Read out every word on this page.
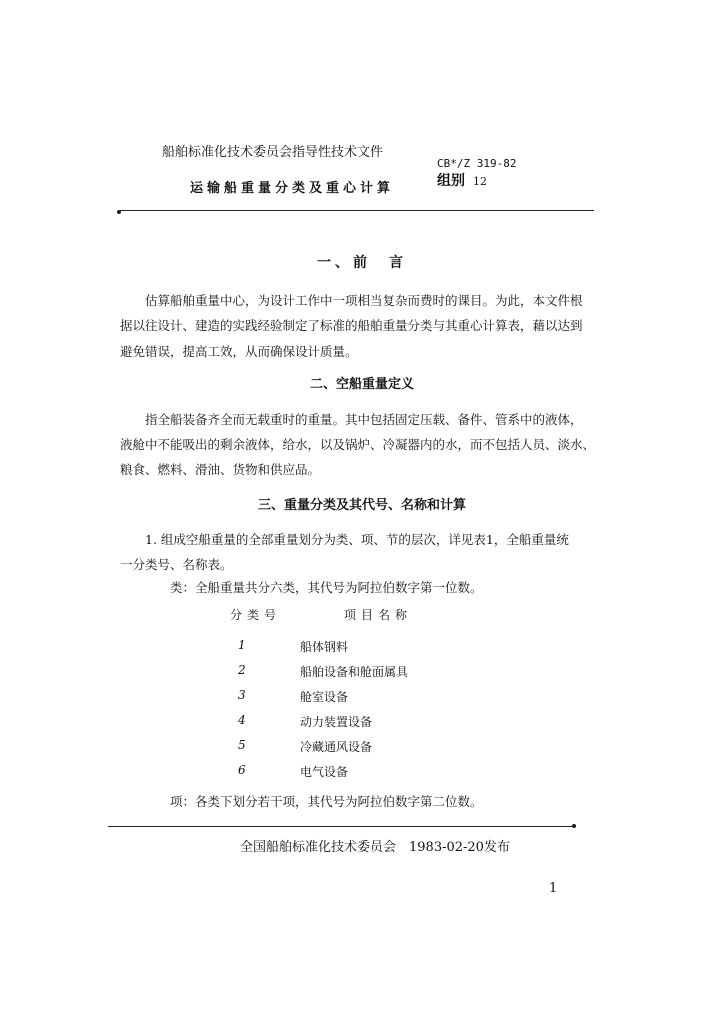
船舶标准化技术委员会指导性技术文件
运输船重量分类及重心计算
CB*/Z 319-82
组别 12
一、前　言
估算船舶重量中心，为设计工作中一项相当复杂而费时的课目。为此，本文件根
据以往设计、建造的实践经验制定了标准的船舶重量分类与其重心计算表，藉以达到
避免错误，提高工效，从而确保设计质量。
二、空船重量定义
指全船装备齐全而无载重时的重量。其中包括固定压载、备件、管系中的液体，
液舱中不能吸出的剩余液体，给水，以及锅炉、冷凝器内的水，而不包括人员、淡水、
粮食、燃料、滑油、货物和供应品。
三、重量分类及其代号、名称和计算
1. 组成空船重量的全部重量划分为类、项、节的层次，详见表1，全船重量统
一分类号、名称表。
类：全船重量共分六类，其代号为阿拉伯数字第一位数。
分类号	项目名称
1	船体钢料
2	船舶设备和舱面属具
3	舱室设备
4	动力装置设备
5	冷藏通风设备
6	电气设备
项：各类下划分若干项，其代号为阿拉伯数字第二位数。
全国船舶标准化技术委员会　1983-02-20发布
1
